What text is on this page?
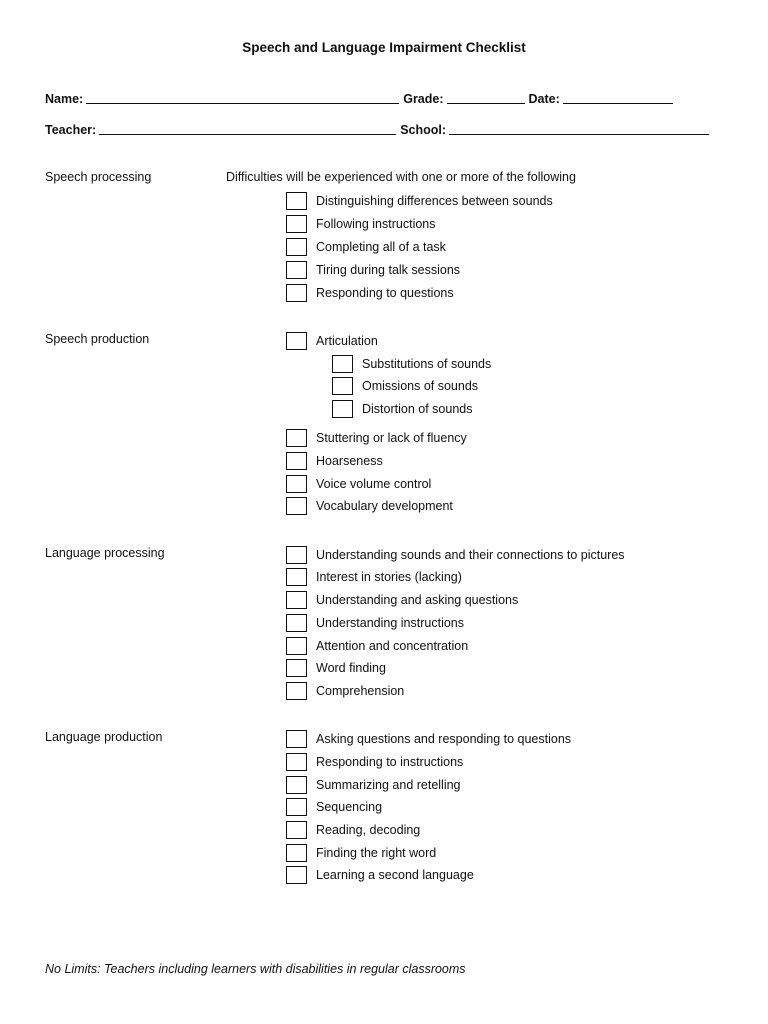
Speech and Language Impairment Checklist
Name:	Grade:	Date:
Teacher:	School:
Difficulties will be experienced with one or more of the following
Speech processing
Distinguishing differences between sounds
Following instructions
Completing all of a task
Tiring during talk sessions
Responding to questions
Speech production	Articulation
Substitutions of sounds
Omissions of sounds
Distortion of sounds
Stuttering or lack of fluency
Hoarseness
Voice volume control
Vocabulary development
Language processing	Understanding sounds and their connections to pictures
Interest in stories (lacking)
Understanding and asking questions
Understanding instructions
Attention and concentration
Word finding
Comprehension
Language production	Asking questions and responding to questions
Responding to instructions
Summarizing and retelling
Sequencing
Reading, decoding
Finding the right word
Learning a second language
No Limits: Teachers including learners with disabilities in regular classrooms
